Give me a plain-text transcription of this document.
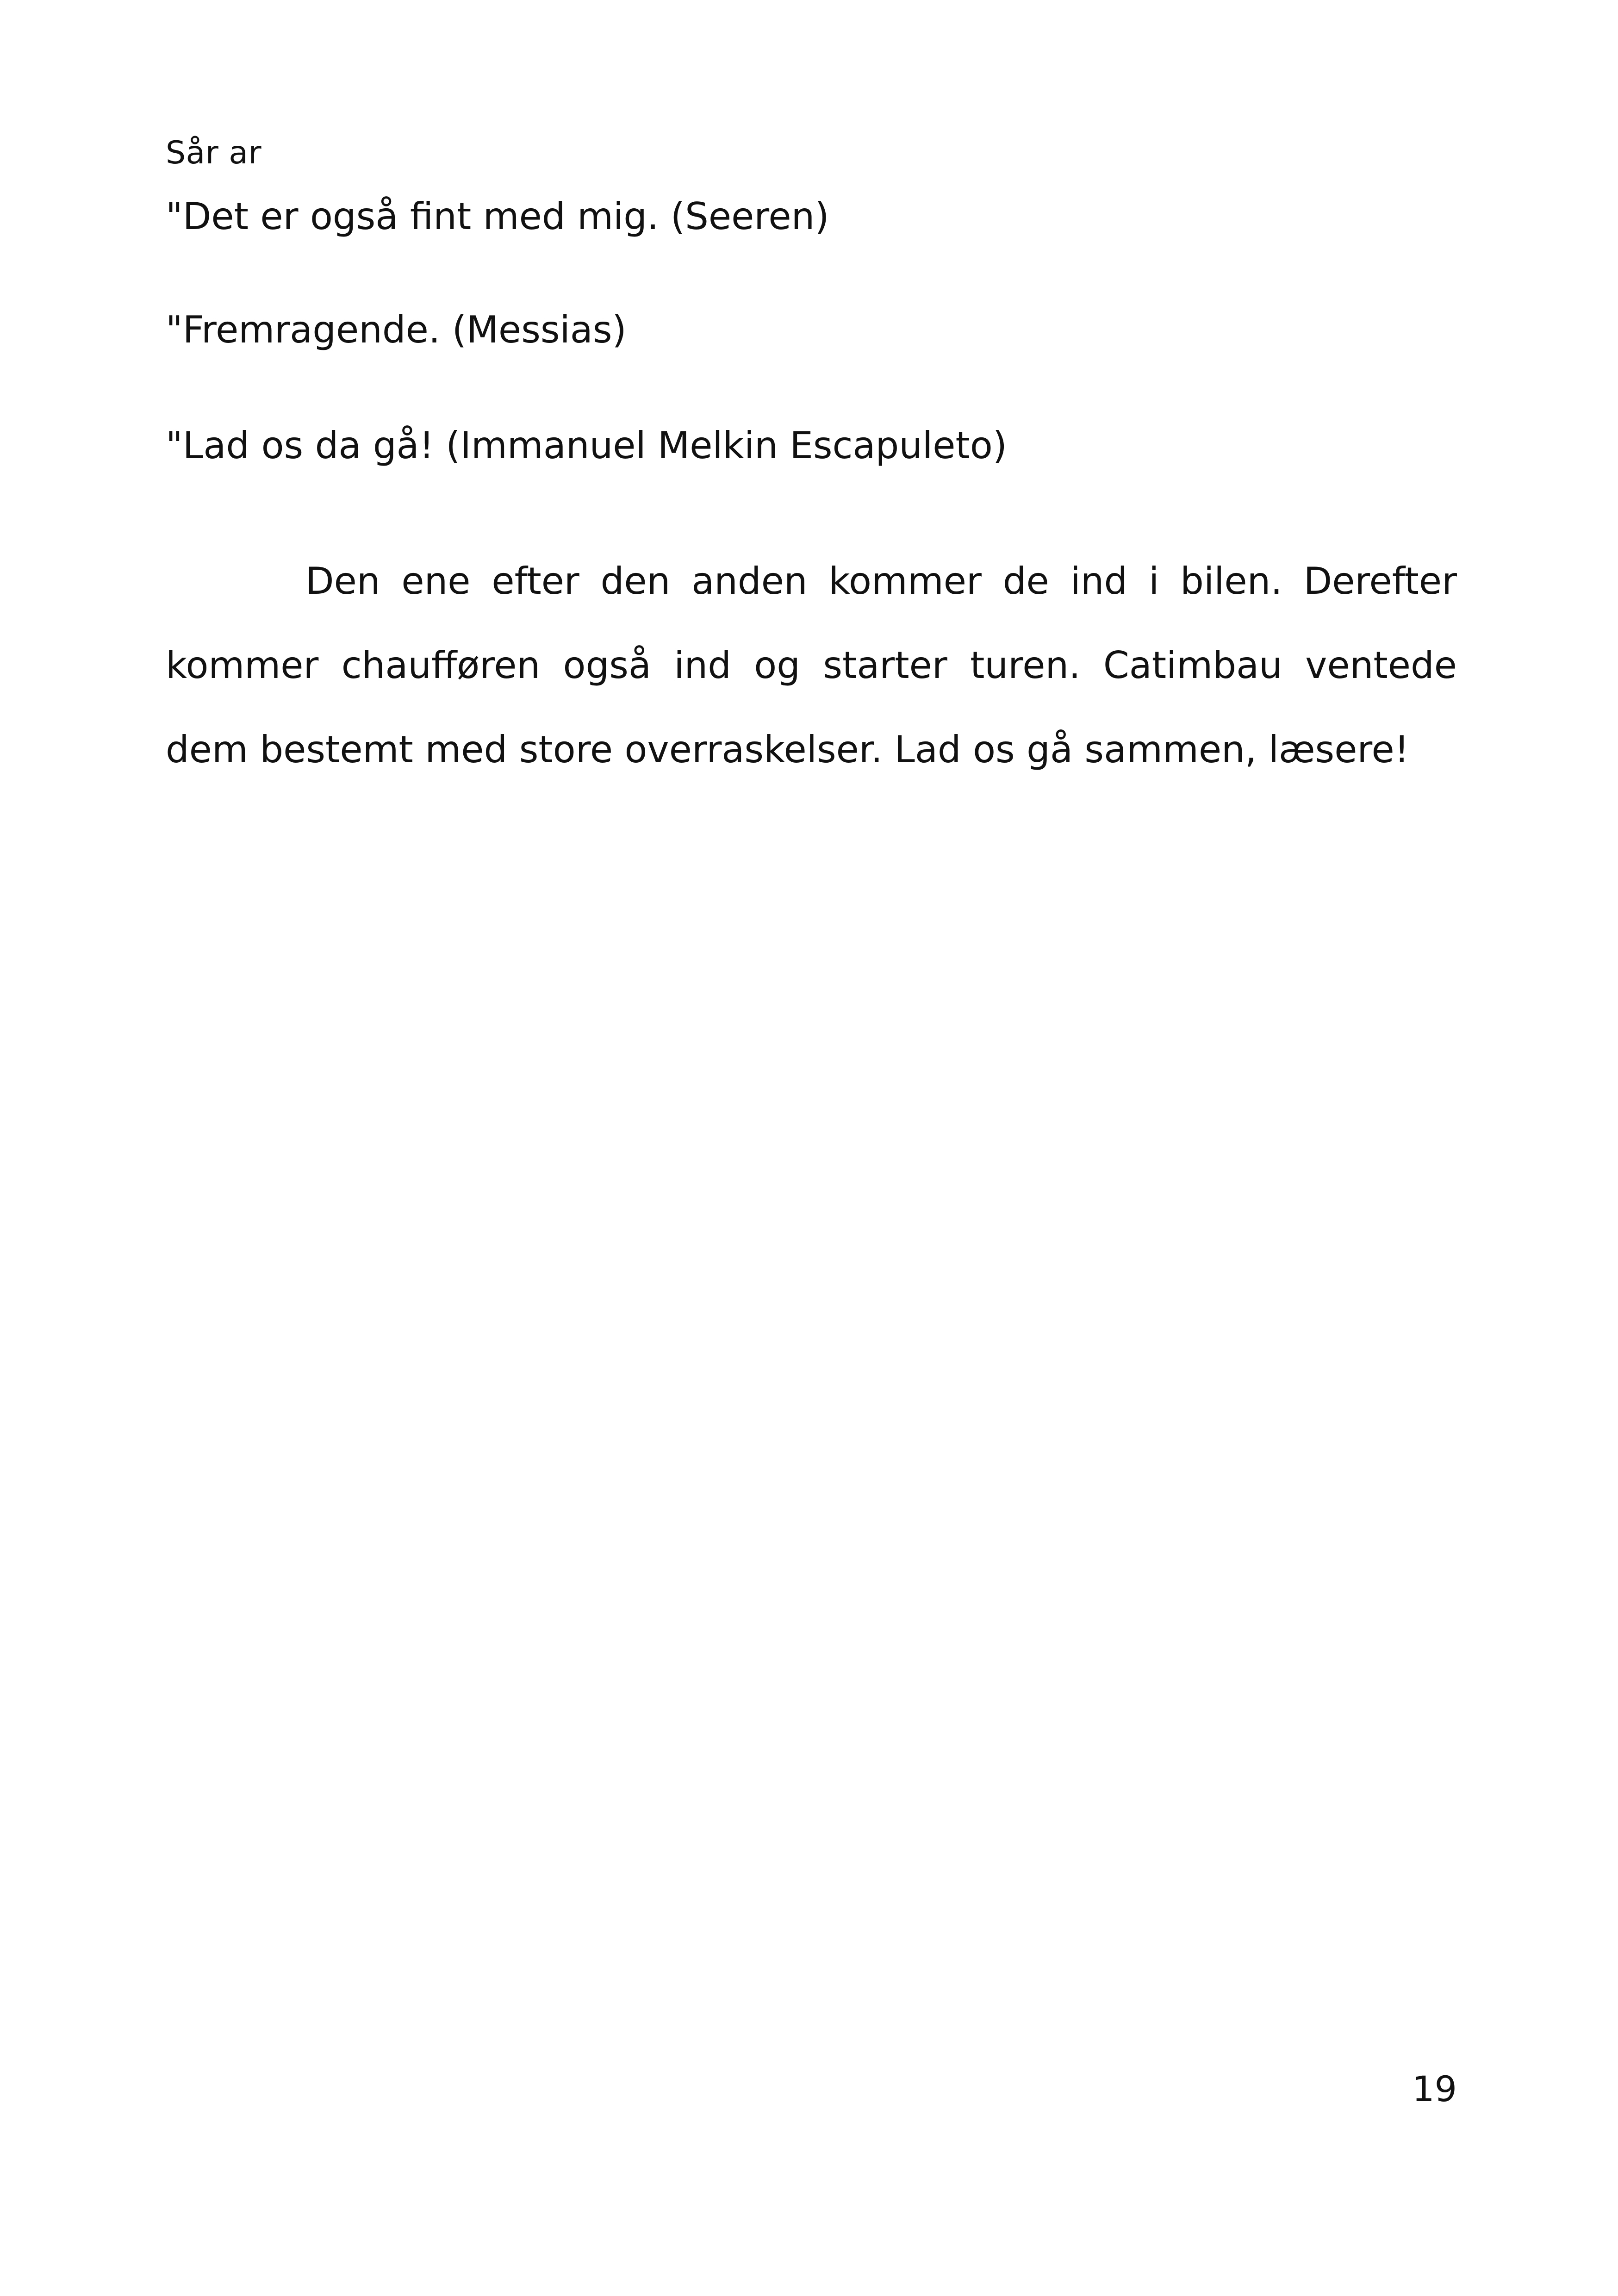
Sår ar
"Det er også fint med mig. (Seeren)
"Fremragende. (Messias)
"Lad os da gå! (Immanuel Melkin Escapuleto)

Den ene efter den anden kommer de ind i bilen. Derefter kommer chaufføren også ind og starter turen. Catimbau ventede dem bestemt med store overraskelser. Lad os gå sammen, læsere!

19
